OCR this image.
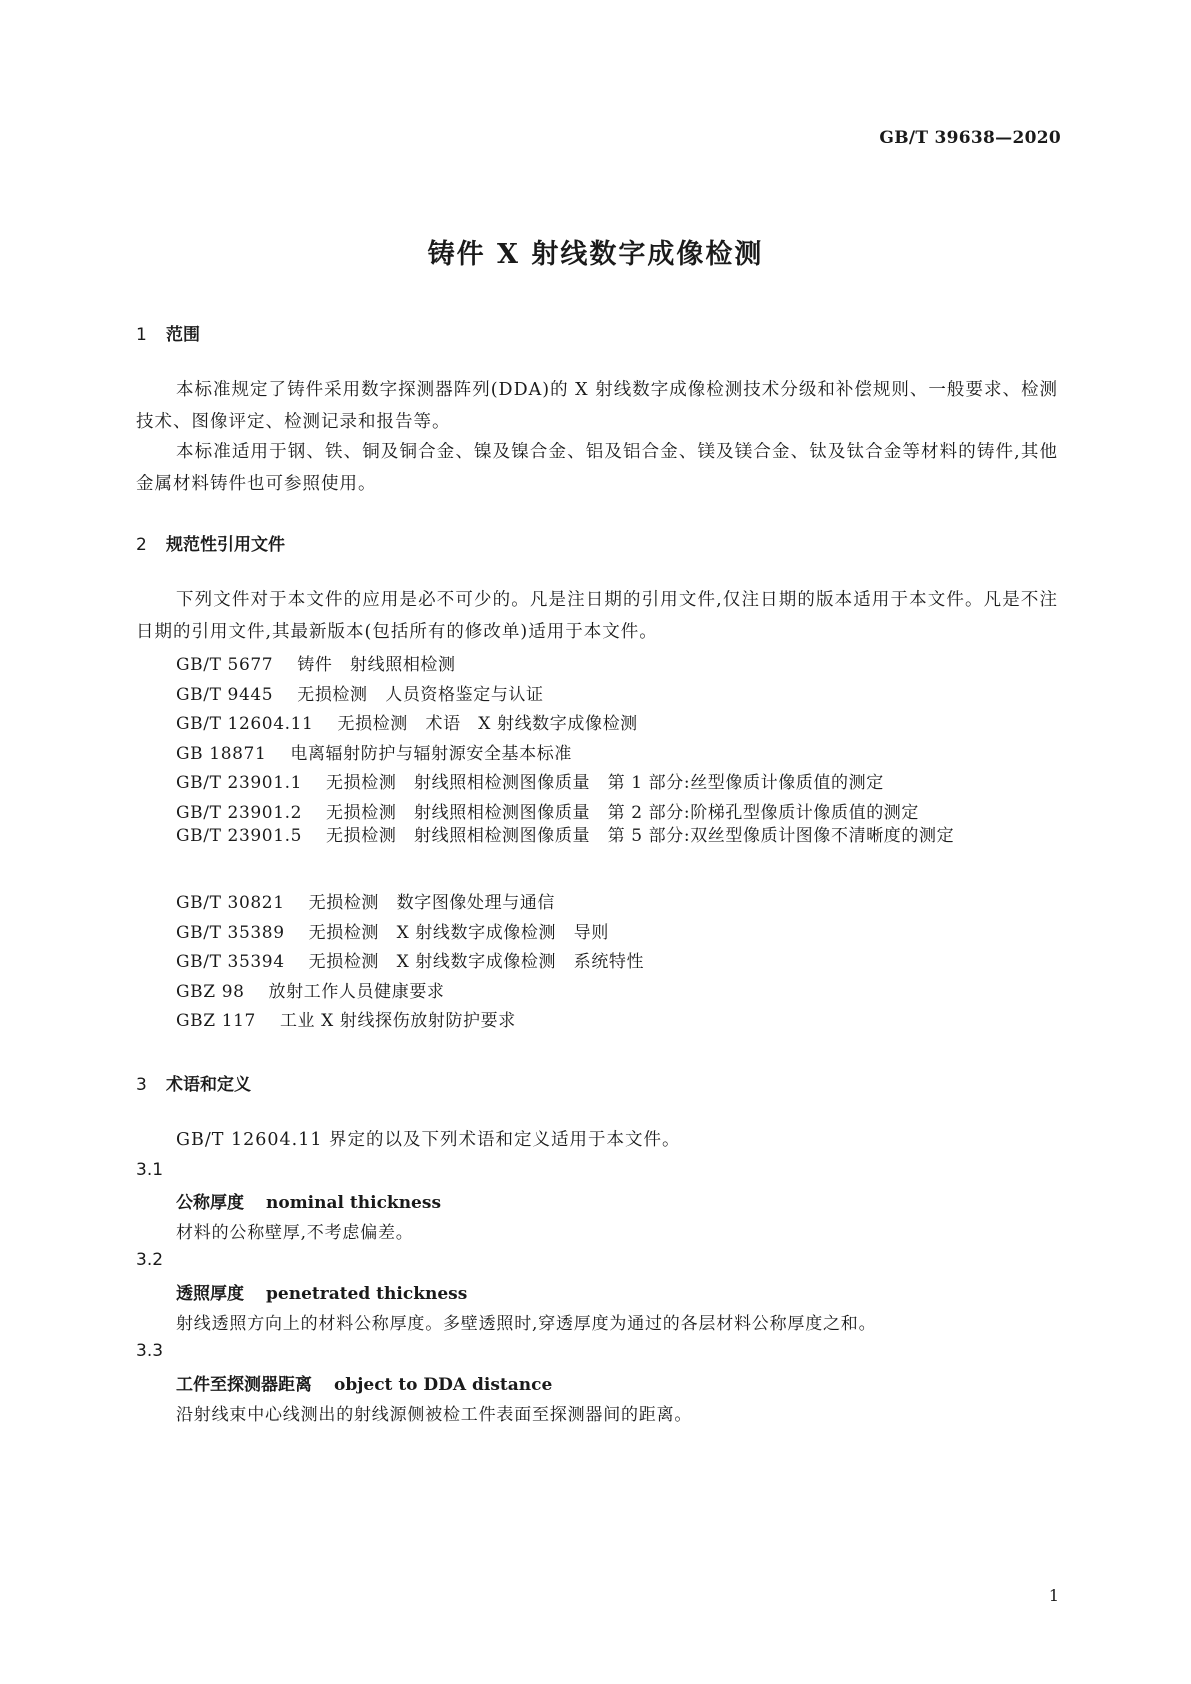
GB/T 39638—2020
铸件 X 射线数字成像检测
1 范围
本标准规定了铸件采用数字探测器阵列(DDA)的 X 射线数字成像检测技术分级和补偿规则、一般要求、检测技术、图像评定、检测记录和报告等。
本标准适用于钢、铁、铜及铜合金、镍及镍合金、铝及铝合金、镁及镁合金、钛及钛合金等材料的铸件,其他金属材料铸件也可参照使用。
2 规范性引用文件
下列文件对于本文件的应用是必不可少的。凡是注日期的引用文件,仅注日期的版本适用于本文件。凡是不注日期的引用文件,其最新版本(包括所有的修改单)适用于本文件。
GB/T 5677 铸件　射线照相检测
GB/T 9445 无损检测　人员资格鉴定与认证
GB/T 12604.11 无损检测　术语　X 射线数字成像检测
GB 18871 电离辐射防护与辐射源安全基本标准
GB/T 23901.1 无损检测　射线照相检测图像质量　第 1 部分:丝型像质计像质值的测定
GB/T 23901.2 无损检测　射线照相检测图像质量　第 2 部分:阶梯孔型像质计像质值的测定
GB/T 23901.5 无损检测　射线照相检测图像质量　第 5 部分:双丝型像质计图像不清晰度的测定
GB/T 30821 无损检测　数字图像处理与通信
GB/T 35389 无损检测　X 射线数字成像检测　导则
GB/T 35394 无损检测　X 射线数字成像检测　系统特性
GBZ 98 放射工作人员健康要求
GBZ 117 工业 X 射线探伤放射防护要求
3 术语和定义
GB/T 12604.11 界定的以及下列术语和定义适用于本文件。
3.1
公称厚度 nominal thickness
材料的公称壁厚,不考虑偏差。
3.2
透照厚度 penetrated thickness
射线透照方向上的材料公称厚度。多壁透照时,穿透厚度为通过的各层材料公称厚度之和。
3.3
工件至探测器距离 object to DDA distance
沿射线束中心线测出的射线源侧被检工件表面至探测器间的距离。
1
